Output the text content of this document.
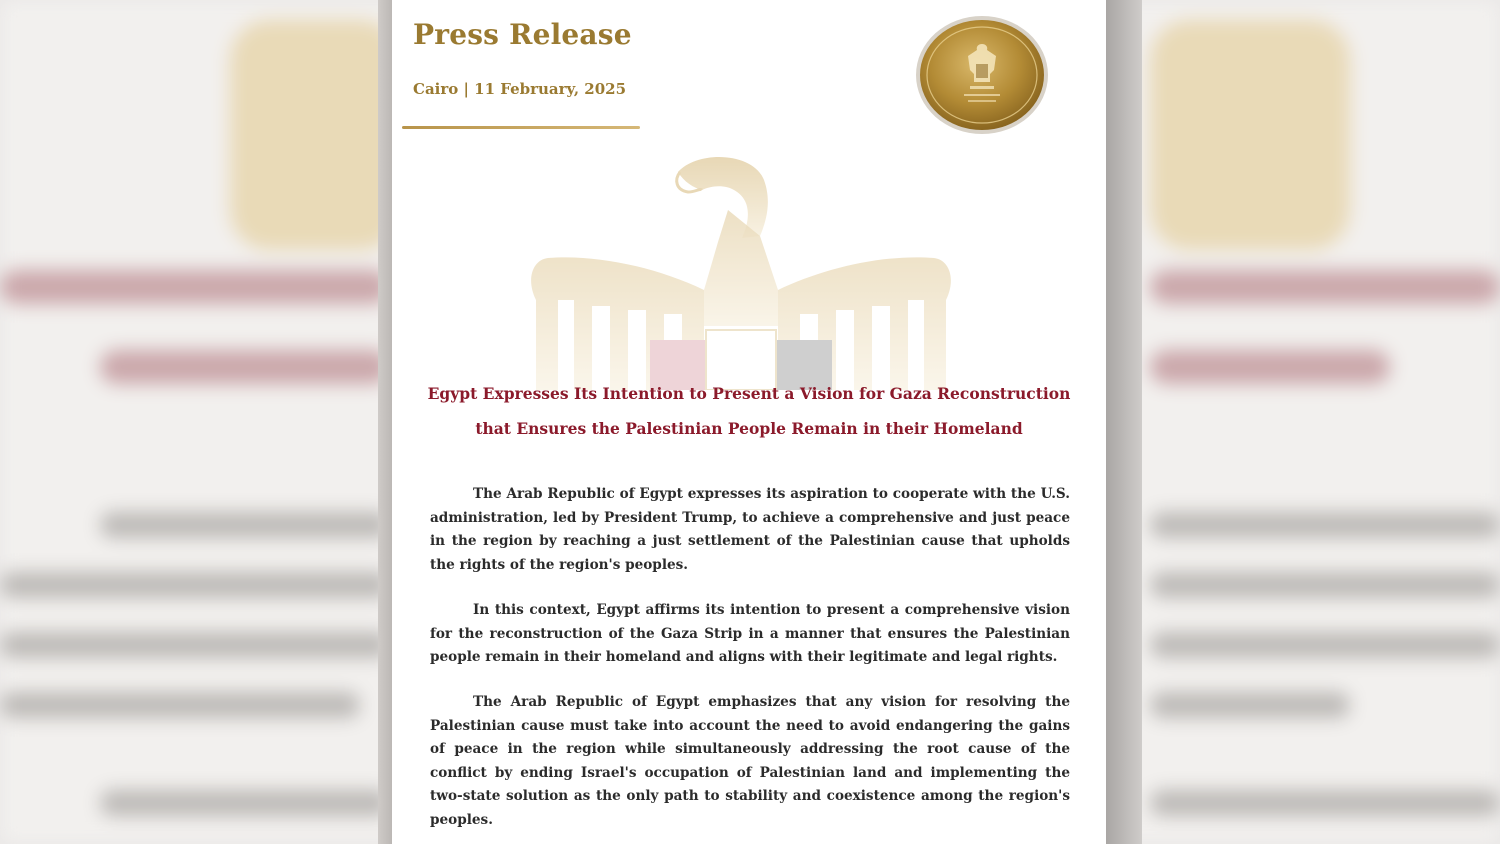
Press Release

Cairo | 11 February, 2025

Egypt Expresses Its Intention to Present a Vision for Gaza Reconstruction
that Ensures the Palestinian People Remain in their Homeland

The Arab Republic of Egypt expresses its aspiration to cooperate with the U.S. administration, led by President Trump, to achieve a comprehensive and just peace in the region by reaching a just settlement of the Palestinian cause that upholds the rights of the region's peoples.

In this context, Egypt affirms its intention to present a comprehensive vision for the reconstruction of the Gaza Strip in a manner that ensures the Palestinian people remain in their homeland and aligns with their legitimate and legal rights.

The Arab Republic of Egypt emphasizes that any vision for resolving the Palestinian cause must take into account the need to avoid endangering the gains of peace in the region while simultaneously addressing the root cause of the conflict by ending Israel's occupation of Palestinian land and implementing the two-state solution as the only path to stability and coexistence among the region's peoples.
